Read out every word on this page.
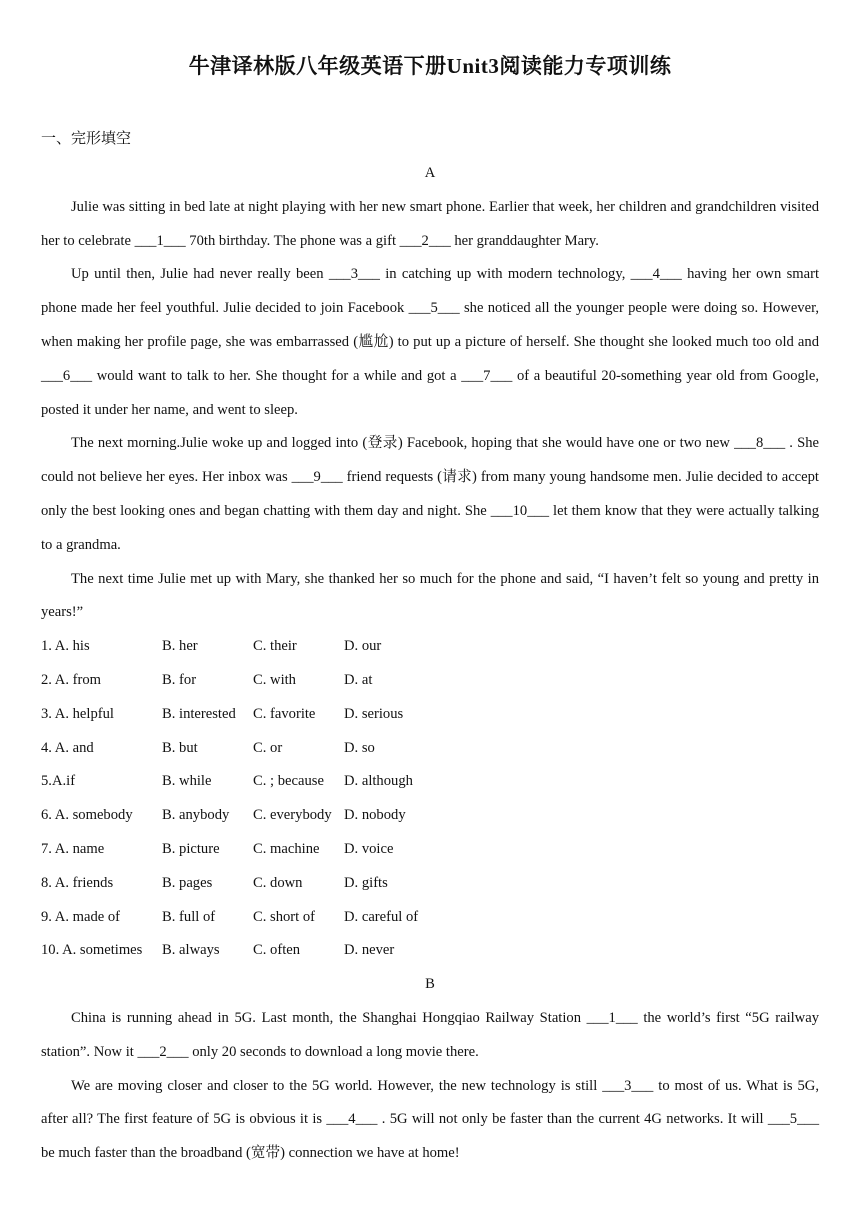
牛津译林版八年级英语下册Unit3阅读能力专项训练
一、完形填空
A

Julie was sitting in bed late at night playing with her new smart phone. Earlier that week, her children and grandchildren visited her to celebrate ___1___ 70th birthday. The phone was a gift ___2___ her granddaughter Mary.

Up until then, Julie had never really been ___3___ in catching up with modern technology, ___4___ having her own smart phone made her feel youthful. Julie decided to join Facebook ___5___ she noticed all the younger people were doing so. However, when making her profile page, she was embarrassed (尴尬) to put up a picture of herself. She thought she looked much too old and ___6___ would want to talk to her. She thought for a while and got a ___7___ of a beautiful 20-something year old from Google, posted it under her name, and went to sleep.

The next morning.Julie woke up and logged into (登录) Facebook, hoping that she would have one or two new ___8___ . She could not believe her eyes. Her inbox was ___9___ friend requests (请求) from many young handsome men. Julie decided to accept only the best looking ones and began chatting with them day and night. She ___10___ let them know that they were actually talking to a grandma.

The next time Julie met up with Mary, she thanked her so much for the phone and said, “I haven’t felt so young and pretty in years!”

1. A. his	B. her	C. their	D. our
2. A. from	B. for	C. with	D. at
3. A. helpful	B. interested	C. favorite	D. serious
4. A. and	B. but	C. or	D. so
5.A.if	B. while	C. ; because	D. although
6. A. somebody	B. anybody	C. everybody D. nobody
7. A. name	B. picture	C. machine	D. voice
8. A. friends	B. pages	C. down	D. gifts
9. A. made of	B. full of	C. short of	D. careful of
10. A. sometimes	B. always	C. often	D. never
B

China is running ahead in 5G. Last month, the Shanghai Hongqiao Railway Station ___1___ the world’s first “5G railway station”. Now it ___2___ only 20 seconds to download a long movie there.

We are moving closer and closer to the 5G world. However, the new technology is still ___3___ to most of us. What is 5G, after all? The first feature of 5G is obvious it is ___4___ . 5G will not only be faster than the current 4G networks. It will ___5___ be much faster than the broadband (宽带) connection we have at home!
